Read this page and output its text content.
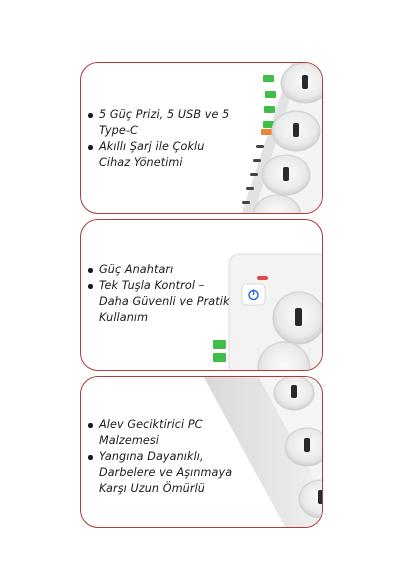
5 Güç Prizi, 5 USB ve 5 Type-C
Akıllı Şarj ile Çoklu Cihaz Yönetimi
Güç Anahtarı
Tek Tuşla Kontrol – Daha Güvenli ve Pratik Kullanım
Alev Geciktirici PC Malzemesi
Yangına Dayanıklı, Darbelere ve Aşınmaya Karşı Uzun Ömürlü
